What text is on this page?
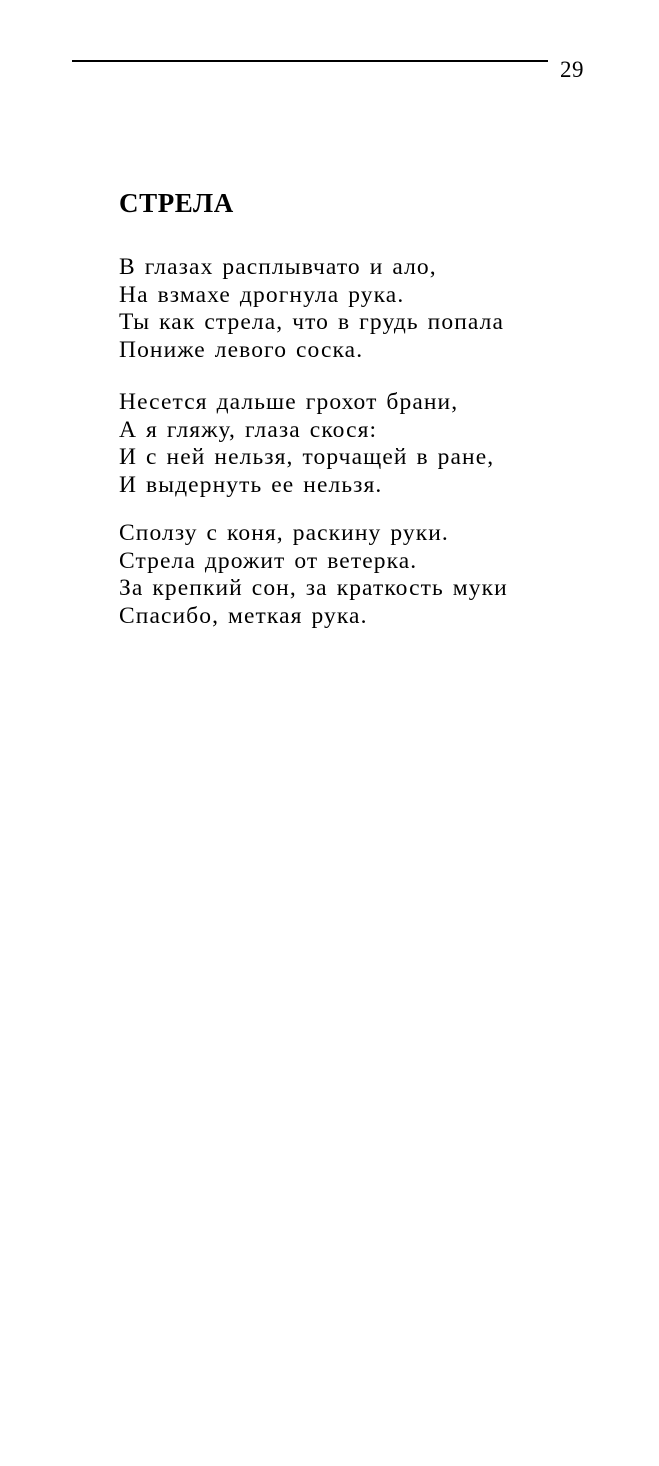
29
СТРЕЛА
В глазах расплывчато и ало,
На взмахе дрогнула рука.
Ты как стрела, что в грудь попала
Пониже левого соска.
Несется дальше грохот брани,
А я гляжу, глаза скося:
И с ней нельзя, торчащей в ране,
И выдернуть ее нельзя.
Сползу с коня, раскину руки.
Стрела дрожит от ветерка.
За крепкий сон, за краткость муки
Спасибо, меткая рука.
